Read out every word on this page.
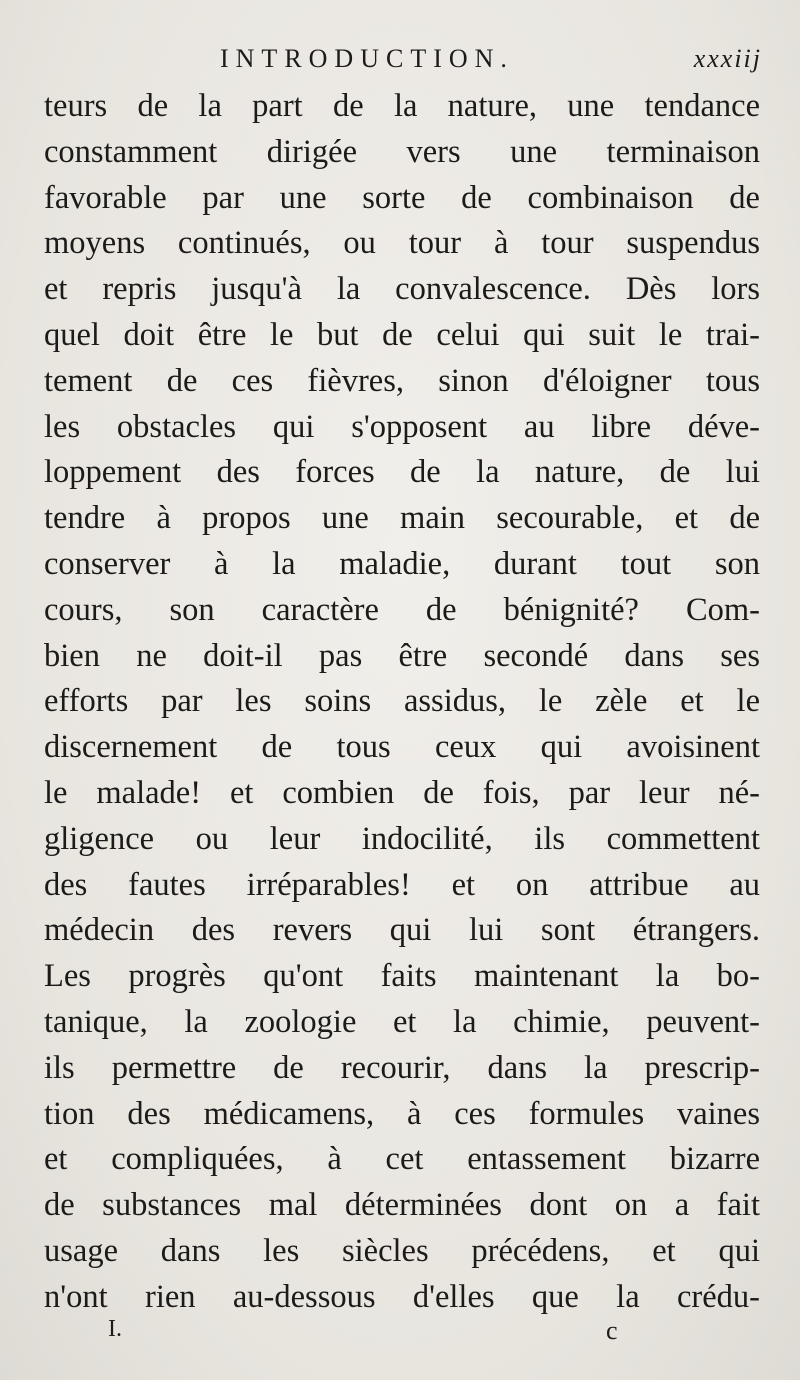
INTRODUCTION.	xxxiij
teurs de la part de la nature, une tendance
constamment dirigée vers une terminaison
favorable par une sorte de combinaison de
moyens continués, ou tour à tour suspendus
et repris jusqu'à la convalescence. Dès lors
quel doit être le but de celui qui suit le trai-
tement de ces fièvres, sinon d'éloigner tous
les obstacles qui s'opposent au libre déve-
loppement des forces de la nature, de lui
tendre à propos une main secourable, et de
conserver à la maladie, durant tout son
cours, son caractère de bénignité? Com-
bien ne doit-il pas être secondé dans ses
efforts par les soins assidus, le zèle et le
discernement de tous ceux qui avoisinent
le malade! et combien de fois, par leur né-
gligence ou leur indocilité, ils commettent
des fautes irréparables! et on attribue au
médecin des revers qui lui sont étrangers.
Les progrès qu'ont faits maintenant la bo-
tanique, la zoologie et la chimie, peuvent-
ils permettre de recourir, dans la prescrip-
tion des médicamens, à ces formules vaines
et compliquées, à cet entassement bizarre
de substances mal déterminées dont on a fait
usage dans les siècles précédens, et qui
n'ont rien au-dessous d'elles que la crédu-
I.	c
